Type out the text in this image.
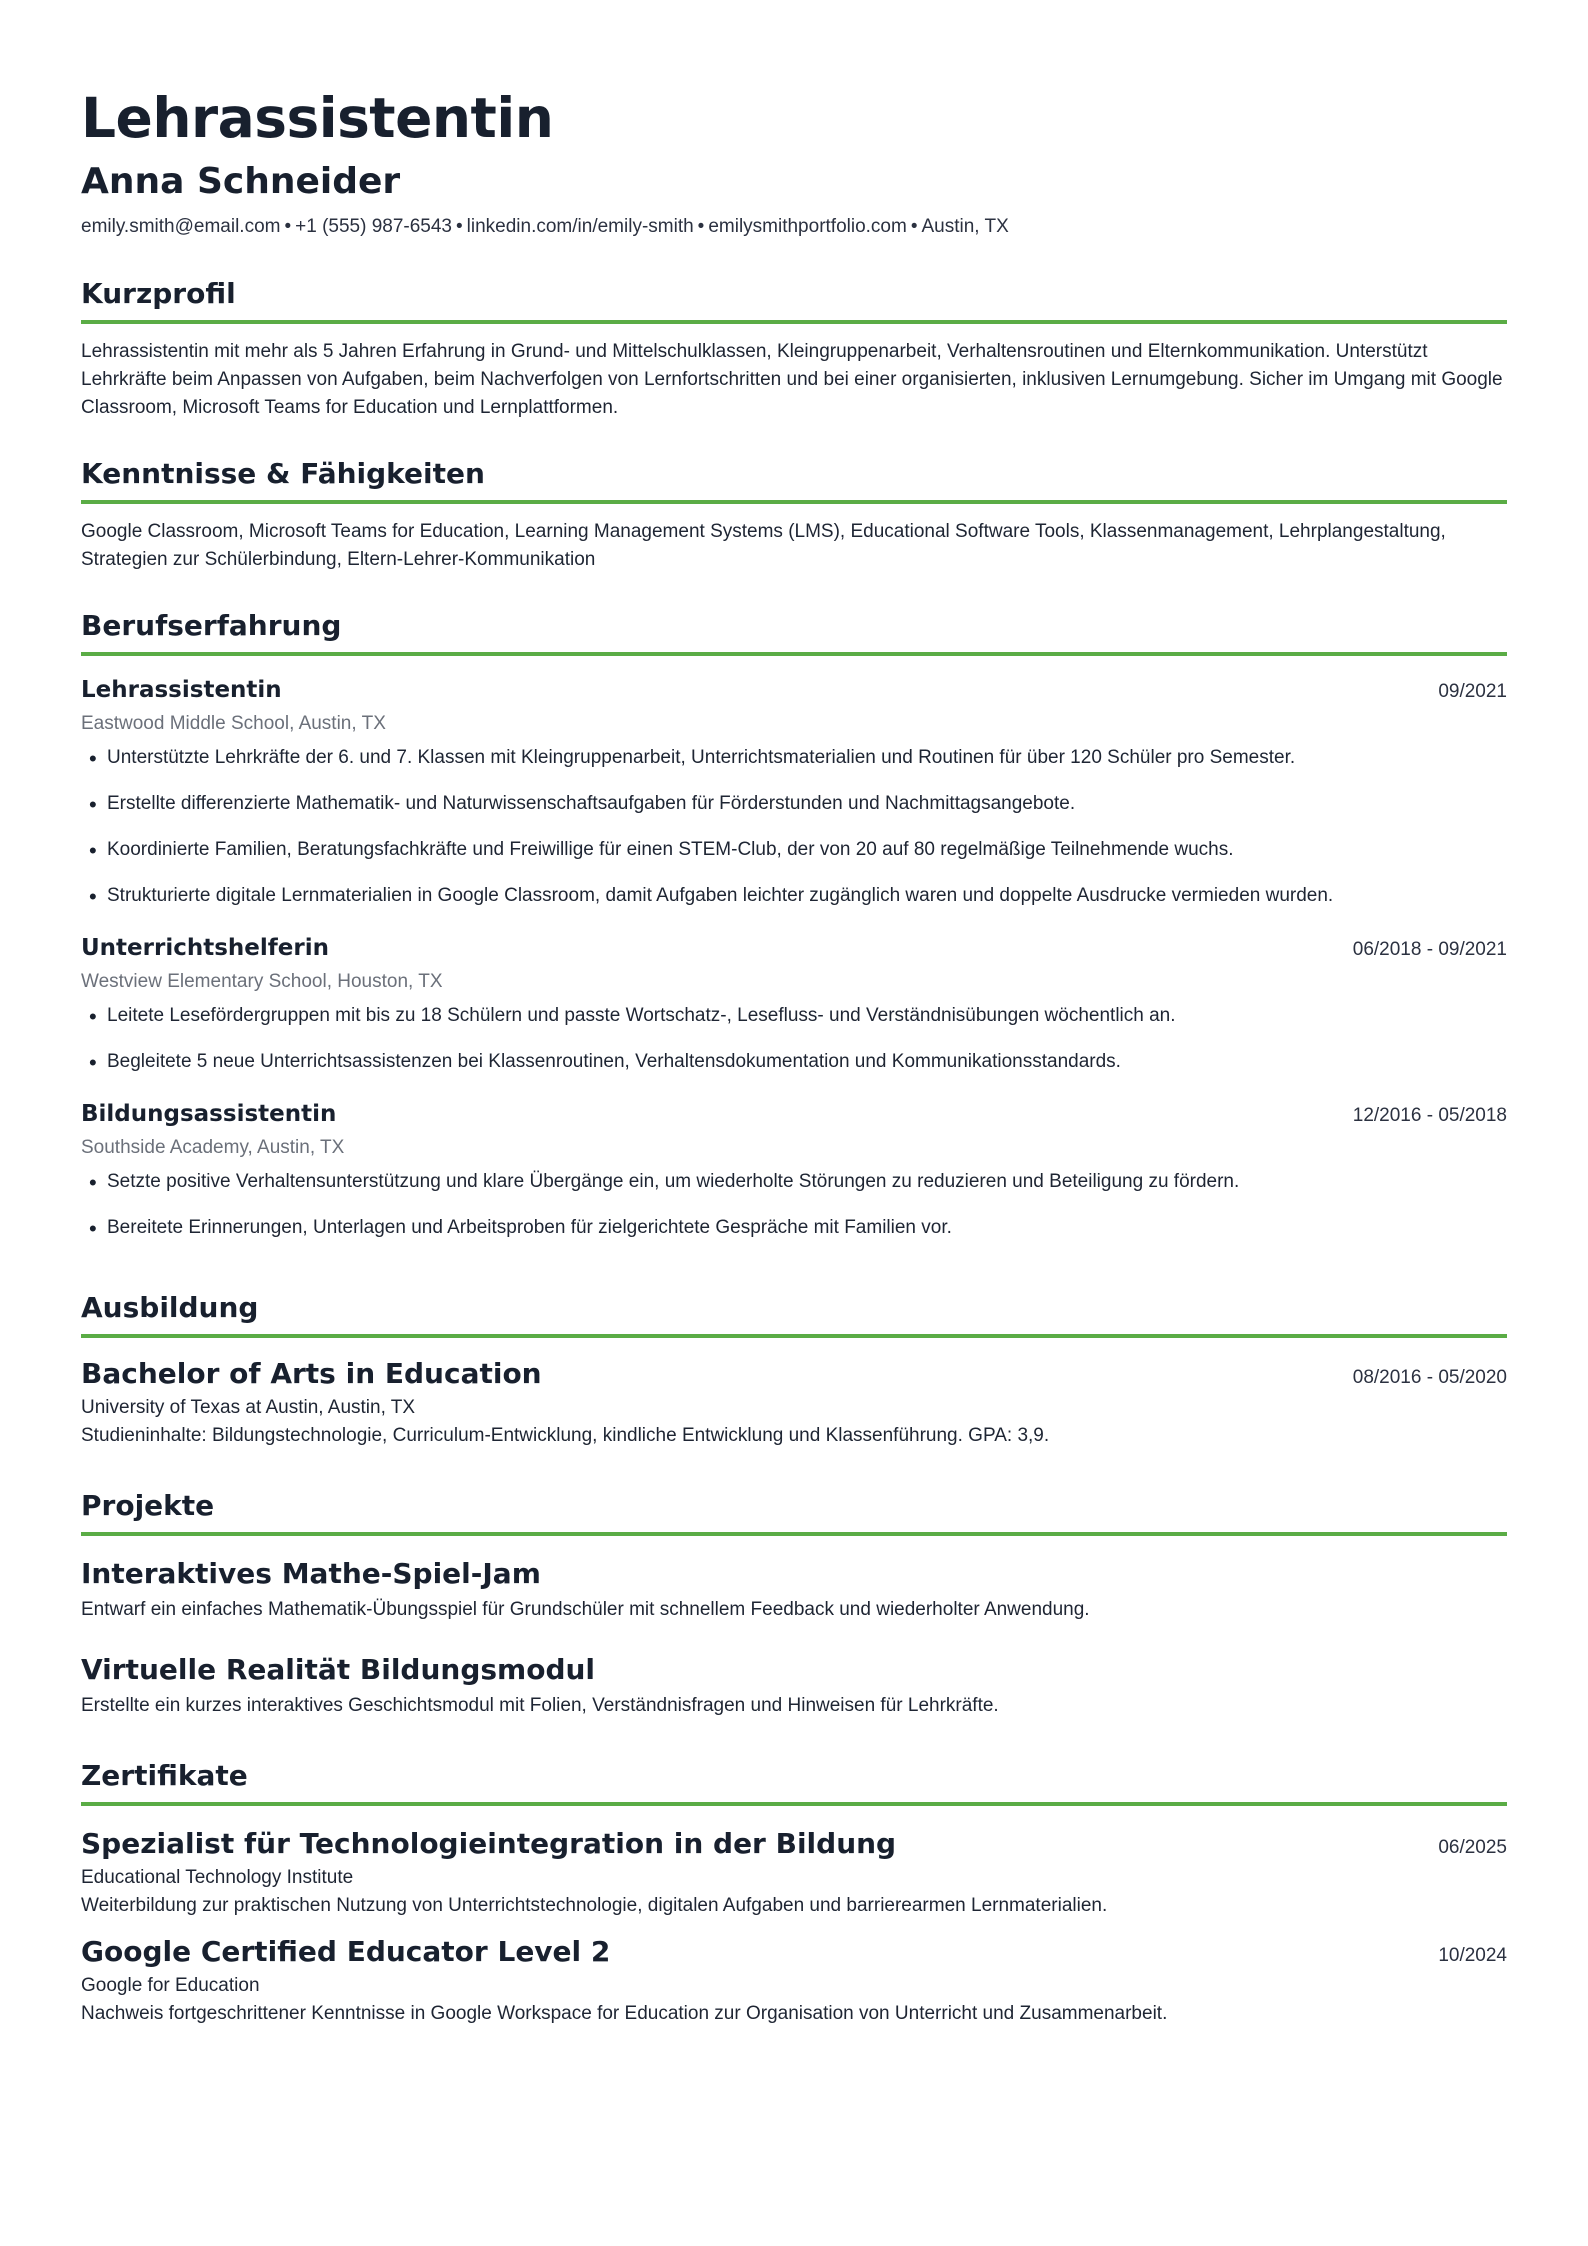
Lehrassistentin
Anna Schneider
emily.smith@email.com • +1 (555) 987-6543 • linkedin.com/in/emily-smith • emilysmithportfolio.com • Austin, TX
Kurzprofil
Lehrassistentin mit mehr als 5 Jahren Erfahrung in Grund- und Mittelschulklassen, Kleingruppenarbeit, Verhaltensroutinen und Elternkommunikation. Unterstützt Lehrkräfte beim Anpassen von Aufgaben, beim Nachverfolgen von Lernfortschritten und bei einer organisierten, inklusiven Lernumgebung. Sicher im Umgang mit Google Classroom, Microsoft Teams for Education und Lernplattformen.
Kenntnisse & Fähigkeiten
Google Classroom, Microsoft Teams for Education, Learning Management Systems (LMS), Educational Software Tools, Klassenmanagement, Lehrplangestaltung, Strategien zur Schülerbindung, Eltern-Lehrer-Kommunikation
Berufserfahrung
Lehrassistentin	09/2021
Eastwood Middle School, Austin, TX
• Unterstützte Lehrkräfte der 6. und 7. Klassen mit Kleingruppenarbeit, Unterrichtsmaterialien und Routinen für über 120 Schüler pro Semester.
• Erstellte differenzierte Mathematik- und Naturwissenschaftsaufgaben für Förderstunden und Nachmittagsangebote.
• Koordinierte Familien, Beratungsfachkräfte und Freiwillige für einen STEM-Club, der von 20 auf 80 regelmäßige Teilnehmende wuchs.
• Strukturierte digitale Lernmaterialien in Google Classroom, damit Aufgaben leichter zugänglich waren und doppelte Ausdrucke vermieden wurden.
Unterrichtshelferin	06/2018 - 09/2021
Westview Elementary School, Houston, TX
• Leitete Lesefördergruppen mit bis zu 18 Schülern und passte Wortschatz-, Lesefluss- und Verständnisübungen wöchentlich an.
• Begleitete 5 neue Unterrichtsassistenzen bei Klassenroutinen, Verhaltensdokumentation und Kommunikationsstandards.
Bildungsassistentin	12/2016 - 05/2018
Southside Academy, Austin, TX
• Setzte positive Verhaltensunterstützung und klare Übergänge ein, um wiederholte Störungen zu reduzieren und Beteiligung zu fördern.
• Bereitete Erinnerungen, Unterlagen und Arbeitsproben für zielgerichtete Gespräche mit Familien vor.
Ausbildung
Bachelor of Arts in Education	08/2016 - 05/2020
University of Texas at Austin, Austin, TX
Studieninhalte: Bildungstechnologie, Curriculum-Entwicklung, kindliche Entwicklung und Klassenführung. GPA: 3,9.
Projekte
Interaktives Mathe-Spiel-Jam
Entwarf ein einfaches Mathematik-Übungsspiel für Grundschüler mit schnellem Feedback und wiederholter Anwendung.
Virtuelle Realität Bildungsmodul
Erstellte ein kurzes interaktives Geschichtsmodul mit Folien, Verständnisfragen und Hinweisen für Lehrkräfte.
Zertifikate
Spezialist für Technologieintegration in der Bildung	06/2025
Educational Technology Institute
Weiterbildung zur praktischen Nutzung von Unterrichtstechnologie, digitalen Aufgaben und barrierearmen Lernmaterialien.
Google Certified Educator Level 2	10/2024
Google for Education
Nachweis fortgeschrittener Kenntnisse in Google Workspace for Education zur Organisation von Unterricht und Zusammenarbeit.
